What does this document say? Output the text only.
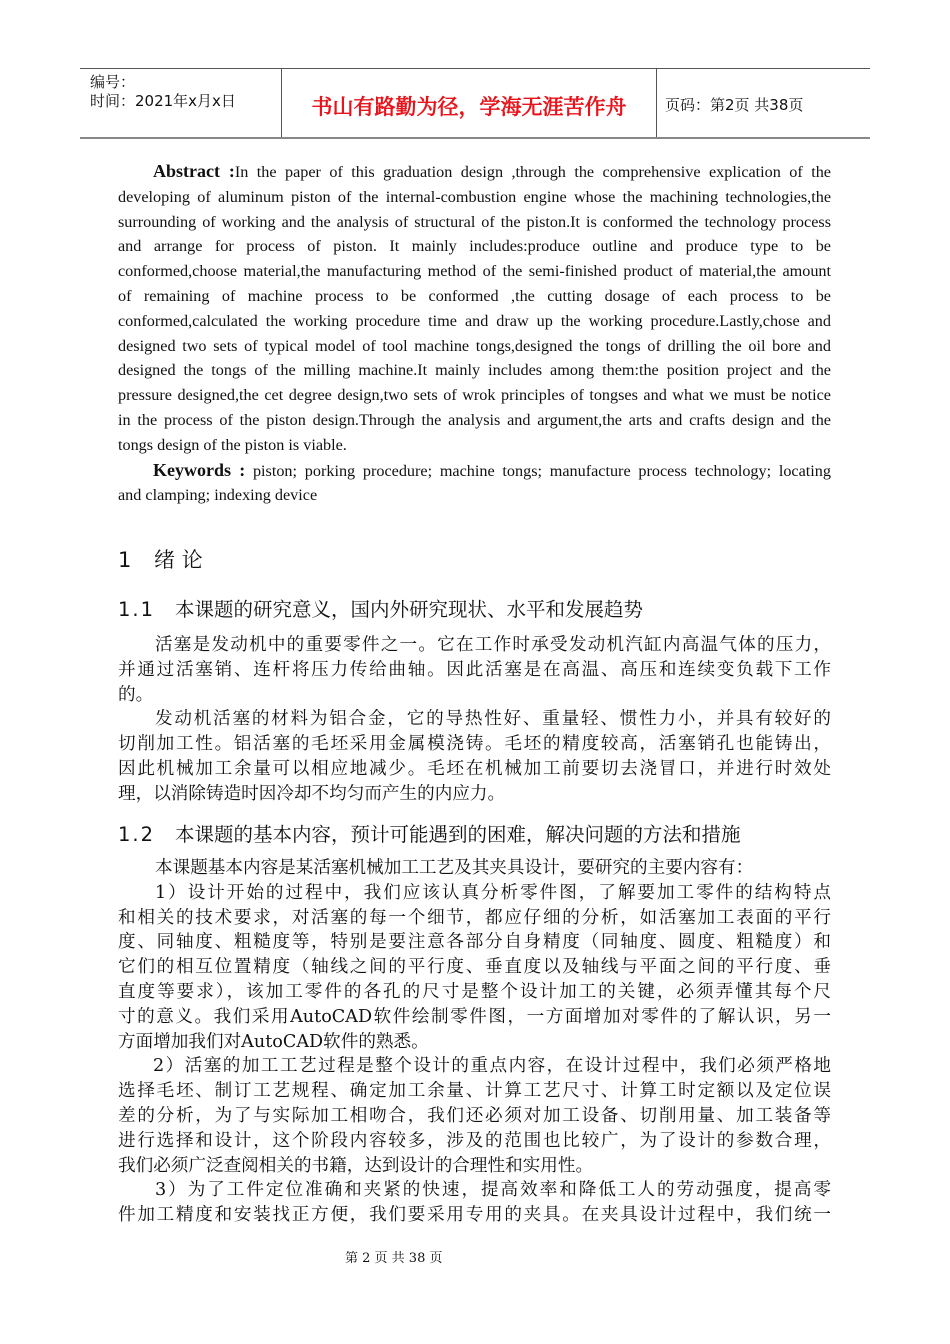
编号：
时间：2021年x月x日	书山有路勤为径，学海无涯苦作舟	页码：第2页 共38页
Abstract :In the paper of this graduation design ,through the comprehensive explication of the
developing of aluminum piston of the internal-combustion engine whose the machining technologies,the
surrounding of working and the analysis of structural of the piston.It is conformed the technology process
and arrange for process of piston. It mainly includes:produce outline and produce type to be
conformed,choose material,the manufacturing method of the semi-finished product of material,the amount
of remaining of machine process to be conformed ,the cutting dosage of each process to be
conformed,calculated the working procedure time and draw up the working procedure.Lastly,chose and
designed two sets of typical model of tool machine tongs,designed the tongs of drilling the oil bore and
designed the tongs of the milling machine.It mainly includes among them:the position project and the
pressure designed,the cet degree design,two sets of wrok principles of tongses and what we must be notice
in the process of the piston design.Through the analysis and argument,the arts and crafts design and the
tongs design of the piston is viable.
Keywords : piston; porking procedure; machine tongs; manufacture process technology; locating
and clamping; indexing device
1 绪 论
1.1 本课题的研究意义，国内外研究现状、水平和发展趋势
活塞是发动机中的重要零件之一。它在工作时承受发动机汽缸内高温气体的压力，
并通过活塞销、连杆将压力传给曲轴。因此活塞是在高温、高压和连续变负载下工作
的。
发动机活塞的材料为铝合金，它的导热性好、重量轻、惯性力小，并具有较好的
切削加工性。铝活塞的毛坯采用金属模浇铸。毛坯的精度较高，活塞销孔也能铸出，
因此机械加工余量可以相应地减少。毛坯在机械加工前要切去浇冒口，并进行时效处
理，以消除铸造时因冷却不均匀而产生的内应力。
1.2 本课题的基本内容，预计可能遇到的困难，解决问题的方法和措施
本课题基本内容是某活塞机械加工工艺及其夹具设计，要研究的主要内容有：
1）设计开始的过程中，我们应该认真分析零件图，了解要加工零件的结构特点
和相关的技术要求，对活塞的每一个细节，都应仔细的分析，如活塞加工表面的平行
度、同轴度、粗糙度等，特别是要注意各部分自身精度（同轴度、圆度、粗糙度）和
它们的相互位置精度（轴线之间的平行度、垂直度以及轴线与平面之间的平行度、垂
直度等要求），该加工零件的各孔的尺寸是整个设计加工的关键，必须弄懂其每个尺
寸的意义。我们采用AutoCAD软件绘制零件图，一方面增加对零件的了解认识，另一
方面增加我们对AutoCAD软件的熟悉。
2）活塞的加工工艺过程是整个设计的重点内容，在设计过程中，我们必须严格地
选择毛坯、制订工艺规程、确定加工余量、计算工艺尺寸、计算工时定额以及定位误
差的分析，为了与实际加工相吻合，我们还必须对加工设备、切削用量、加工装备等
进行选择和设计，这个阶段内容较多，涉及的范围也比较广，为了设计的参数合理，
我们必须广泛查阅相关的书籍，达到设计的合理性和实用性。
3）为了工件定位准确和夹紧的快速，提高效率和降低工人的劳动强度，提高零
件加工精度和安装找正方便，我们要采用专用的夹具。在夹具设计过程中，我们统一
第 2 页 共 38 页
